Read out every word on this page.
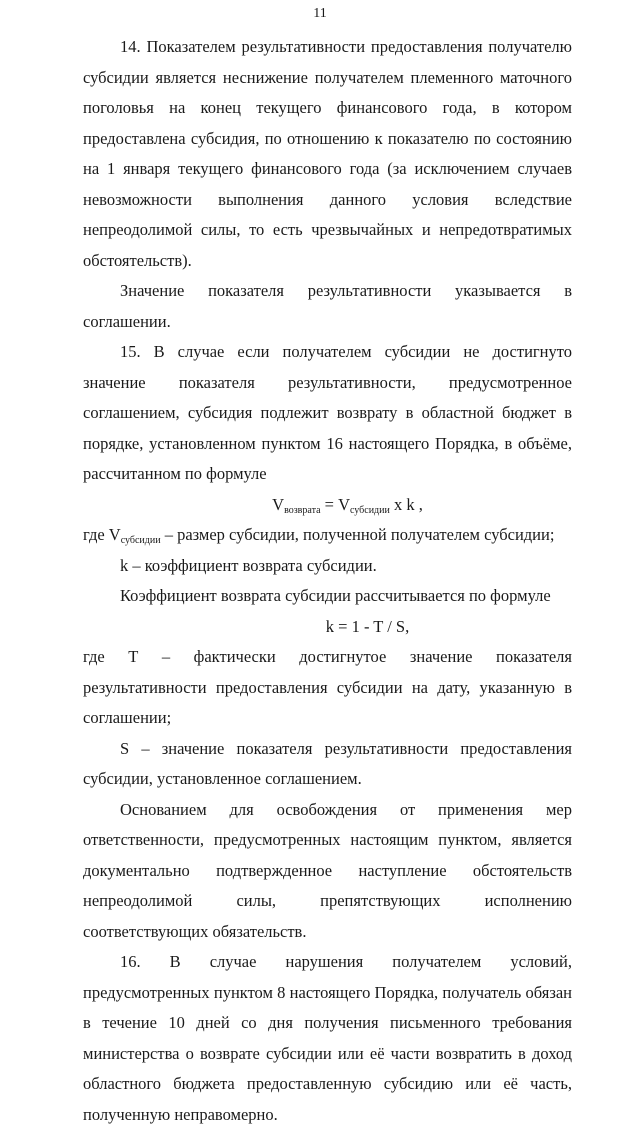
11

14. Показателем результативности предоставления получателю субсидии является неснижение получателем племенного маточного поголовья на конец текущего финансового года, в котором предоставлена субсидия, по отношению к показателю по состоянию на 1 января текущего финансового года (за исключением случаев невозможности выполнения данного условия вследствие непреодолимой силы, то есть чрезвычайных и непредотвратимых обстоятельств).

Значение показателя результативности указывается в соглашении.

15. В случае если получателем субсидии не достигнуто значение показателя результативности, предусмотренное соглашением, субсидия подлежит возврату в областной бюджет в порядке, установленном пунктом 16 настоящего Порядка, в объёме, рассчитанном по формуле

$V_{возврата} = V_{субсидии}$ x k ,

где $V_{субсидии}$ – размер субсидии, полученной получателем субсидии;

k – коэффициент возврата субсидии.

Коэффициент возврата субсидии рассчитывается по формуле

k = 1 - T / S,

где Т – фактически достигнутое значение показателя результативности предоставления субсидии на дату, указанную в соглашении;

S – значение показателя результативности предоставления субсидии, установленное соглашением.

Основанием для освобождения от применения мер ответственности, предусмотренных настоящим пунктом, является документально подтвержденное наступление обстоятельств непреодолимой силы, препятствующих исполнению соответствующих обязательств.

16. В случае нарушения получателем условий, предусмотренных пунктом 8 настоящего Порядка, получатель обязан в течение 10 дней со дня получения письменного требования министерства о возврате субсидии или её части возвратить в доход областного бюджета предоставленную субсидию или её часть, полученную неправомерно.
